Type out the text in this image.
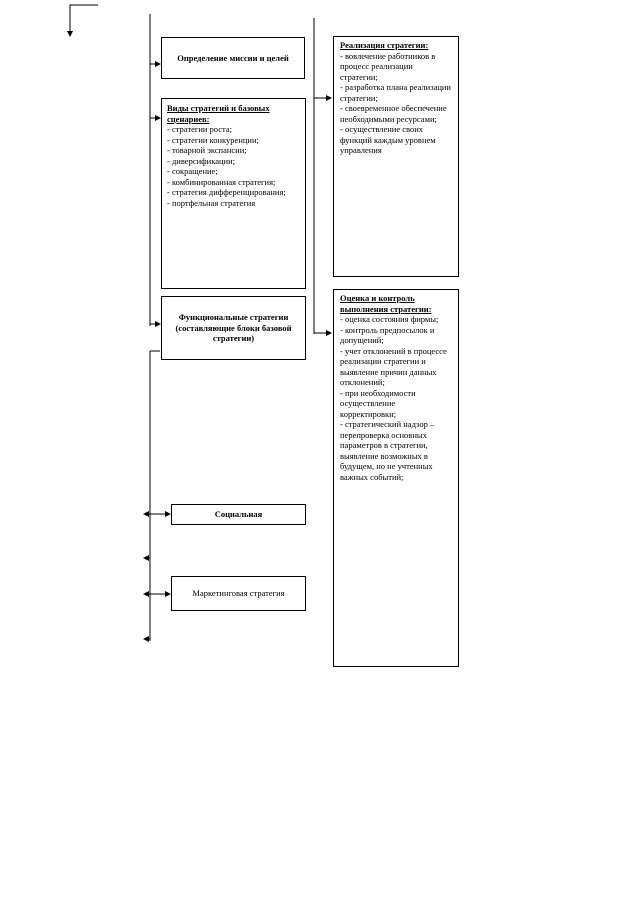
Определение миссии и целей
Виды стратегий и базовых сценариев:
- стратегии роста;
- стратегии конкуренции;
- товарной экспансии;
- диверсификации;
- сокращение;
- комбинированная стратегия;
- стратегия дифференцирования;
- портфельная стратегия
Функциональные стратегии
(составляющие блоки базовой стратегии)
Социальная
Маркетинговая стратегия
Реализация стратегии:
- вовлечение работников в процесс реализации стратегии;
- разработка плана реализации стратегии;
- своевременное обеспечение необходимыми ресурсами;
- осуществление своих функций каждым уровнем управления
Оценка и контроль выполнения стратегии:
- оценка состояния фирмы;
- контроль предпосылок и допущений;
- учет отклонений в процессе реализации стратегии и выявление причин данных отклонений;
- при необходимости осуществление корректировки;
- стратегический надзор – перепроверка основных параметров в стратегии, выявление возможных в будущем, но не учтенных важных событий;
